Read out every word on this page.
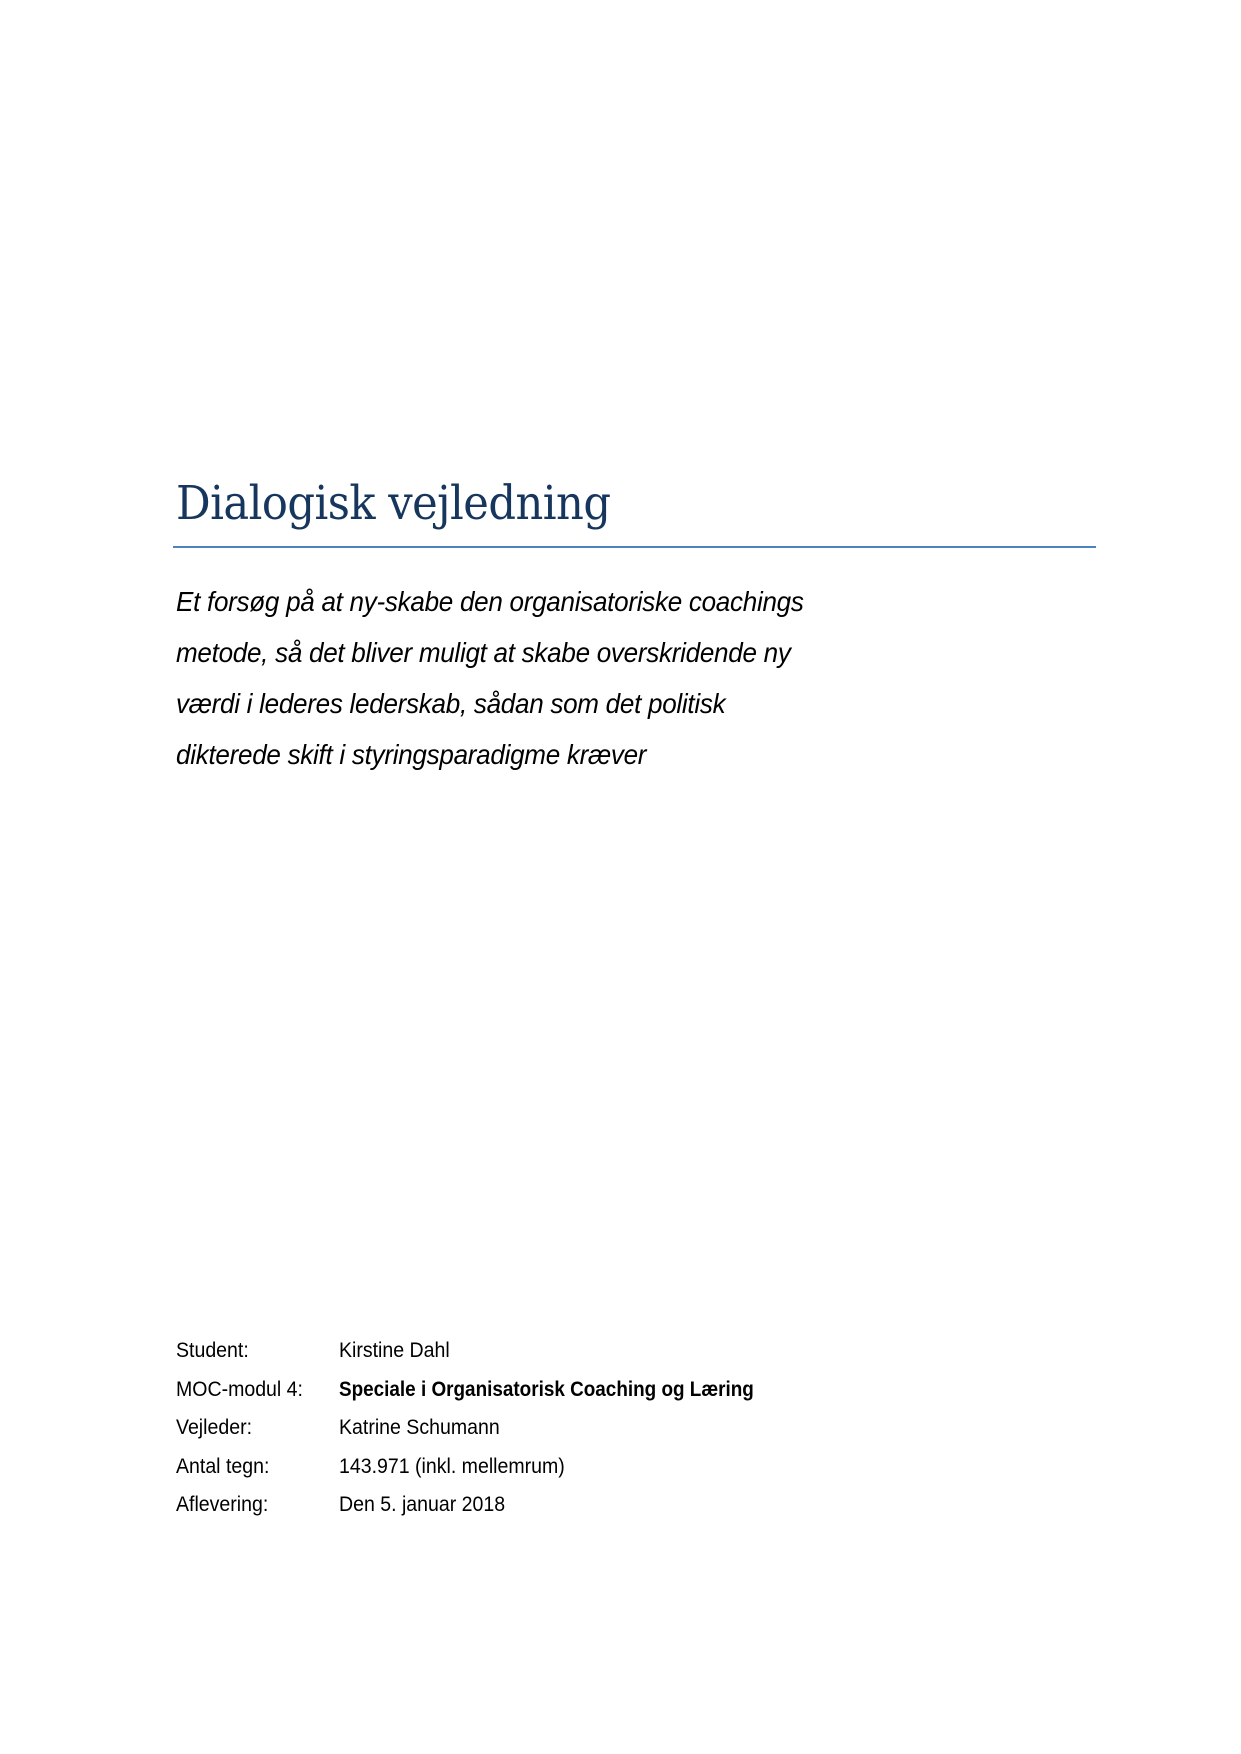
Dialogisk vejledning

Et forsøg på at ny-skabe den organisatoriske coachings
metode, så det bliver muligt at skabe overskridende ny
værdi i lederes lederskab, sådan som det politisk
dikterede skift i styringsparadigme kræver

Student:	Kirstine Dahl
MOC-modul 4:	Speciale i Organisatorisk Coaching og Læring
Vejleder:	Katrine Schumann
Antal tegn:	143.971 (inkl. mellemrum)
Aflevering:	Den 5. januar 2018
